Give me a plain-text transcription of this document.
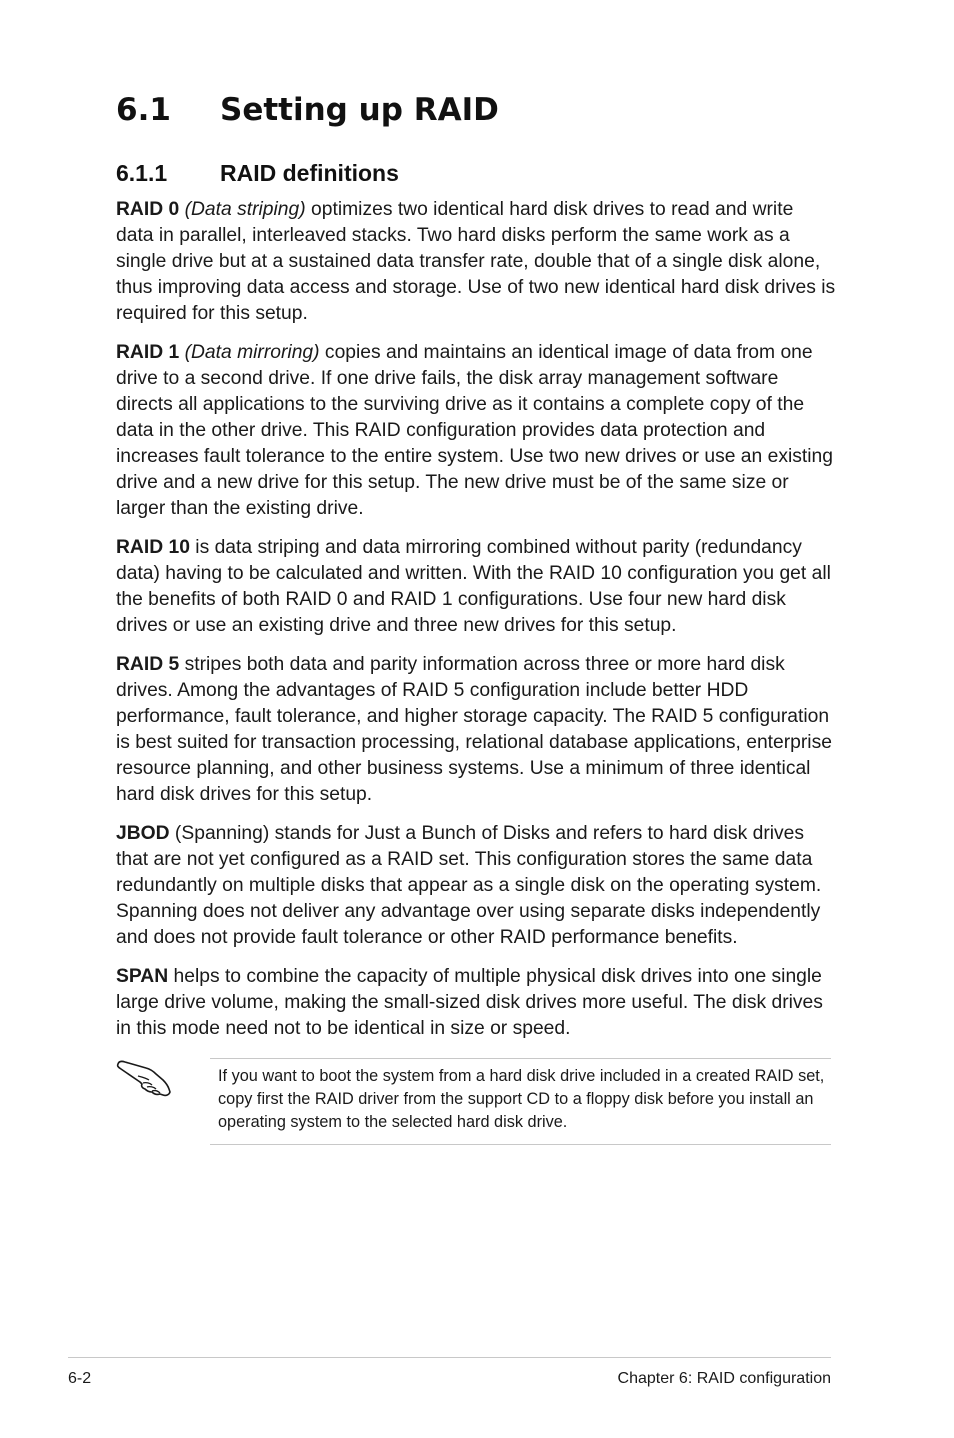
6.1 Setting up RAID
6.1.1 RAID definitions

RAID 0 (Data striping) optimizes two identical hard disk drives to read and write data in parallel, interleaved stacks. Two hard disks perform the same work as a single drive but at a sustained data transfer rate, double that of a single disk alone, thus improving data access and storage. Use of two new identical hard disk drives is required for this setup.

RAID 1 (Data mirroring) copies and maintains an identical image of data from one drive to a second drive. If one drive fails, the disk array management software directs all applications to the surviving drive as it contains a complete copy of the data in the other drive. This RAID configuration provides data protection and increases fault tolerance to the entire system. Use two new drives or use an existing drive and a new drive for this setup. The new drive must be of the same size or larger than the existing drive.

RAID 10 is data striping and data mirroring combined without parity (redundancy data) having to be calculated and written. With the RAID 10 configuration you get all the benefits of both RAID 0 and RAID 1 configurations. Use four new hard disk drives or use an existing drive and three new drives for this setup.

RAID 5 stripes both data and parity information across three or more hard disk drives. Among the advantages of RAID 5 configuration include better HDD performance, fault tolerance, and higher storage capacity. The RAID 5 configuration is best suited for transaction processing, relational database applications, enterprise resource planning, and other business systems. Use a minimum of three identical hard disk drives for this setup.

JBOD (Spanning) stands for Just a Bunch of Disks and refers to hard disk drives that are not yet configured as a RAID set. This configuration stores the same data redundantly on multiple disks that appear as a single disk on the operating system. Spanning does not deliver any advantage over using separate disks independently and does not provide fault tolerance or other RAID performance benefits.

SPAN helps to combine the capacity of multiple physical disk drives into one single large drive volume, making the small-sized disk drives more useful. The disk drives in this mode need not to be identical in size or speed.

If you want to boot the system from a hard disk drive included in a created RAID set, copy first the RAID driver from the support CD to a floppy disk before you install an operating system to the selected hard disk drive.
6-2	Chapter 6: RAID configuration
